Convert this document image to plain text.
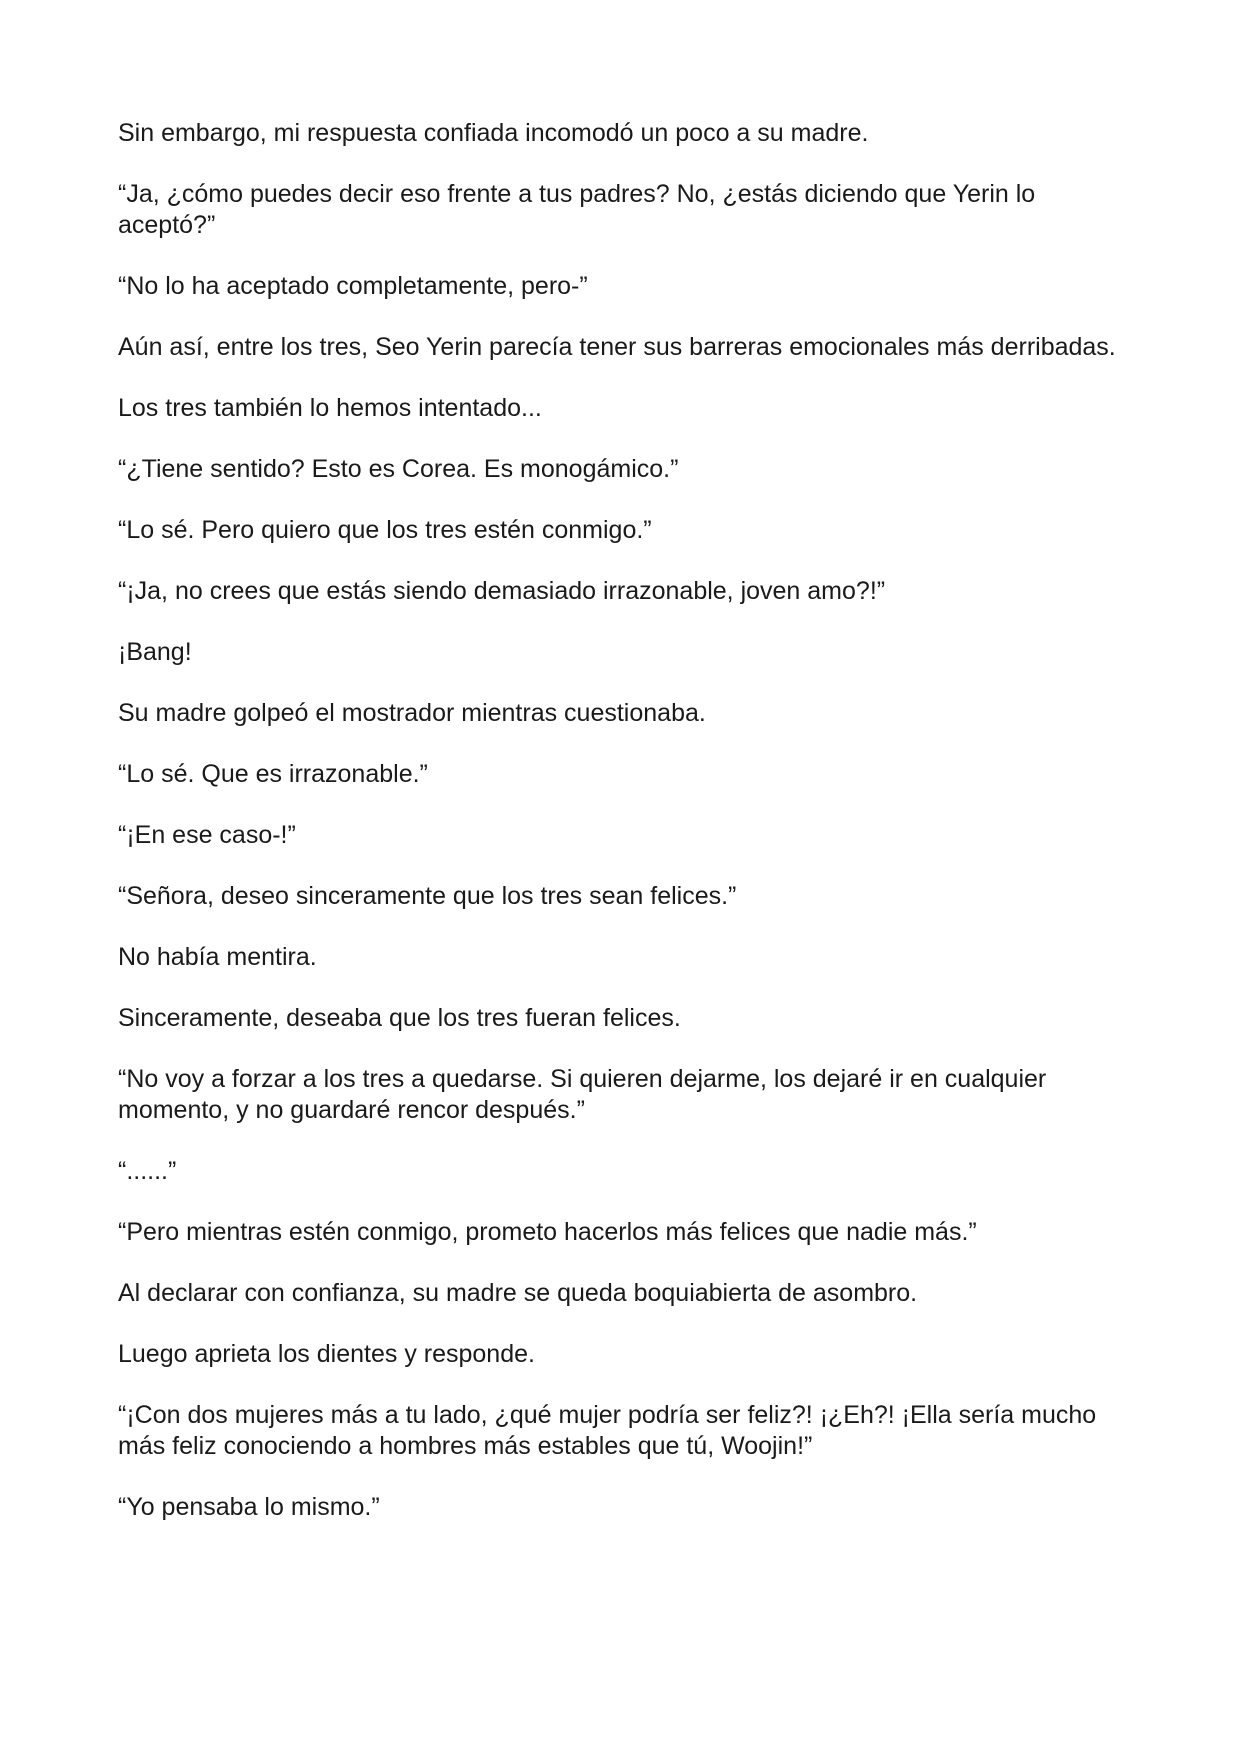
Sin embargo, mi respuesta confiada incomodó un poco a su madre.

“Ja, ¿cómo puedes decir eso frente a tus padres? No, ¿estás diciendo que Yerin lo aceptó?”

“No lo ha aceptado completamente, pero-”

Aún así, entre los tres, Seo Yerin parecía tener sus barreras emocionales más derribadas.

Los tres también lo hemos intentado...

“¿Tiene sentido? Esto es Corea. Es monogámico.”

“Lo sé. Pero quiero que los tres estén conmigo.”

“¡Ja, no crees que estás siendo demasiado irrazonable, joven amo?!”

¡Bang!

Su madre golpeó el mostrador mientras cuestionaba.

“Lo sé. Que es irrazonable.”

“¡En ese caso-!”

“Señora, deseo sinceramente que los tres sean felices.”

No había mentira.

Sinceramente, deseaba que los tres fueran felices.

“No voy a forzar a los tres a quedarse. Si quieren dejarme, los dejaré ir en cualquier momento, y no guardaré rencor después.”

“......”

“Pero mientras estén conmigo, prometo hacerlos más felices que nadie más.”

Al declarar con confianza, su madre se queda boquiabierta de asombro.

Luego aprieta los dientes y responde.

“¡Con dos mujeres más a tu lado, ¿qué mujer podría ser feliz?! ¡¿Eh?! ¡Ella sería mucho más feliz conociendo a hombres más estables que tú, Woojin!”

“Yo pensaba lo mismo.”
